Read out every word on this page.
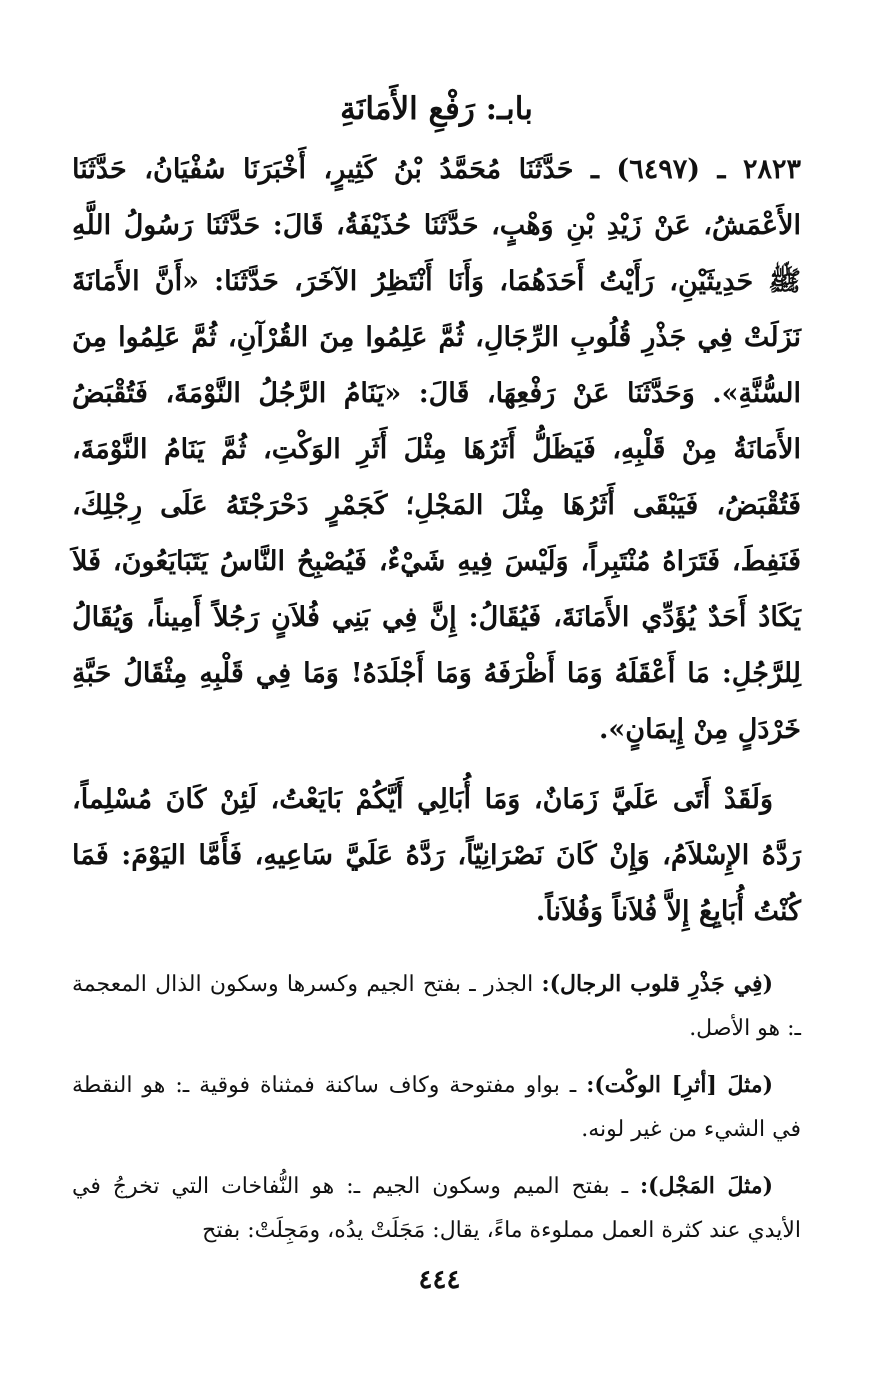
بابـ: رَفْعِ الأَمَانَةِ

٢٨٢٣ ـ (٦٤٩٧) ـ حَدَّثَنَا مُحَمَّدُ بْنُ كَثِيرٍ، أَخْبَرَنَا سُفْيَانُ، حَدَّثَنَا الأَعْمَشُ، عَنْ زَيْدِ بْنِ وَهْبٍ، حَدَّثَنَا حُذَيْفَةُ، قَالَ: حَدَّثَنَا رَسُولُ اللَّهِ ﷺ حَدِيثَيْنِ، رَأَيْتُ أَحَدَهُمَا، وَأَنَا أَنْتَظِرُ الآخَرَ، حَدَّثَنَا: «أَنَّ الأَمَانَةَ نَزَلَتْ فِي جَذْرِ قُلُوبِ الرِّجَالِ، ثُمَّ عَلِمُوا مِنَ القُرْآنِ، ثُمَّ عَلِمُوا مِنَ السُّنَّةِ». وَحَدَّثَنَا عَنْ رَفْعِهَا، قَالَ: «يَنَامُ الرَّجُلُ النَّوْمَةَ، فَتُقْبَضُ الأَمَانَةُ مِنْ قَلْبِهِ، فَيَظَلُّ أَثَرُهَا مِثْلَ أَثَرِ الوَكْتِ، ثُمَّ يَنَامُ النَّوْمَةَ، فَتُقْبَضُ، فَيَبْقَى أَثَرُهَا مِثْلَ المَجْلِ؛ كَجَمْرٍ دَحْرَجْتَهُ عَلَى رِجْلِكَ، فَنَفِطَ، فَتَرَاهُ مُنْتَبِراً، وَلَيْسَ فِيهِ شَيْءٌ، فَيُصْبِحُ النَّاسُ يَتَبَايَعُونَ، فَلاَ يَكَادُ أَحَدٌ يُؤَدِّي الأَمَانَةَ، فَيُقَالُ: إِنَّ فِي بَنِي فُلاَنٍ رَجُلاً أَمِيناً، وَيُقَالُ لِلرَّجُلِ: مَا أَعْقَلَهُ وَمَا أَظْرَفَهُ وَمَا أَجْلَدَهُ! وَمَا فِي قَلْبِهِ مِثْقَالُ حَبَّةِ خَرْدَلٍ مِنْ إِيمَانٍ».

وَلَقَدْ أَتَى عَلَيَّ زَمَانٌ، وَمَا أُبَالِي أَيَّكُمْ بَايَعْتُ، لَئِنْ كَانَ مُسْلِماً، رَدَّهُ الإِسْلاَمُ، وَإِنْ كَانَ نَصْرَانِيّاً، رَدَّهُ عَلَيَّ سَاعِيهِ، فَأَمَّا اليَوْمَ: فَمَا كُنْتُ أُبَايِعُ إِلاَّ فُلاَناً وَفُلاَناً.

(فِي جَذْرِ قلوب الرجال): الجذر ـ بفتح الجيم وكسرها وسكون الذال المعجمة ـ: هو الأصل.

(مثلَ [أثرِ] الوكْت): ـ بواو مفتوحة وكاف ساكنة فمثناة فوقية ـ: هو النقطة في الشيء من غير لونه.

(مثلَ المَجْل): ـ بفتح الميم وسكون الجيم ـ: هو النُّفاخات التي تخرجُ في الأيدي عند كثرة العمل مملوءة ماءً، يقال: مَجَلَتْ يدُه، ومَجِلَتْ: بفتح

٤٤٤
